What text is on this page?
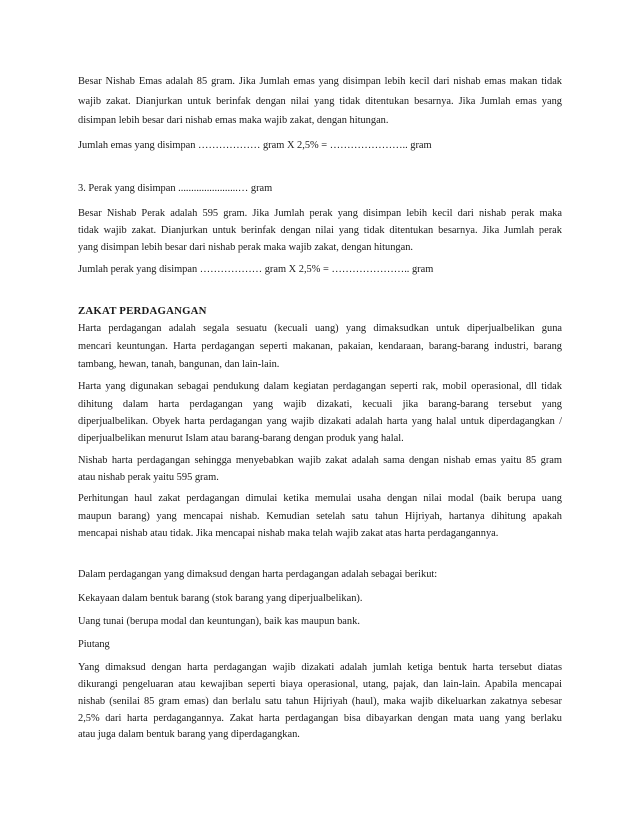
Besar Nishab Emas adalah 85 gram. Jika Jumlah emas yang disimpan lebih kecil dari nishab emas makan tidak
wajib zakat. Dianjurkan untuk berinfak dengan nilai yang tidak ditentukan besarnya. Jika Jumlah emas yang
disimpan lebih besar dari nishab emas maka wajib zakat, dengan hitungan.
Jumlah emas yang disimpan ……………… gram X 2,5% = ………………….. gram
3. Perak yang disimpan .......................… gram
Besar Nishab Perak adalah 595 gram. Jika Jumlah perak yang disimpan lebih kecil dari nishab perak maka
tidak wajib zakat. Dianjurkan untuk berinfak dengan nilai yang tidak ditentukan besarnya. Jika Jumlah perak
yang disimpan lebih besar dari nishab perak maka wajib zakat, dengan hitungan.
Jumlah perak yang disimpan ……………… gram X 2,5% = ………………….. gram
ZAKAT PERDAGANGAN
Harta perdagangan adalah segala sesuatu (kecuali uang) yang dimaksudkan untuk diperjualbelikan guna
mencari keuntungan. Harta perdagangan seperti makanan, pakaian, kendaraan, barang-barang industri, barang
tambang, hewan, tanah, bangunan, dan lain-lain.
Harta yang digunakan sebagai pendukung dalam kegiatan perdagangan seperti rak, mobil operasional, dll tidak
dihitung dalam harta perdagangan yang wajib dizakati, kecuali jika barang-barang tersebut yang
diperjualbelikan. Obyek harta perdagangan yang wajib dizakati adalah harta yang halal untuk diperdagangkan /
diperjualbelikan menurut Islam atau barang-barang dengan produk yang halal.
Nishab harta perdagangan sehingga menyebabkan wajib zakat adalah sama dengan nishab emas yaitu 85 gram
atau nishab perak yaitu 595 gram.
Perhitungan haul zakat perdagangan dimulai ketika memulai usaha dengan nilai modal (baik berupa uang
maupun barang) yang mencapai nishab. Kemudian setelah satu tahun Hijriyah, hartanya dihitung apakah
mencapai nishab atau tidak. Jika mencapai nishab maka telah wajib zakat atas harta perdagangannya.
Dalam perdagangan yang dimaksud dengan harta perdagangan adalah sebagai berikut:
Kekayaan dalam bentuk barang (stok barang yang diperjualbelikan).
Uang tunai (berupa modal dan keuntungan), baik kas maupun bank.
Piutang
Yang dimaksud dengan harta perdagangan wajib dizakati adalah jumlah ketiga bentuk harta tersebut diatas
dikurangi pengeluaran atau kewajiban seperti biaya operasional, utang, pajak, dan lain-lain. Apabila mencapai
nishab (senilai 85 gram emas) dan berlalu satu tahun Hijriyah (haul), maka wajib dikeluarkan zakatnya sebesar
2,5% dari harta perdagangannya. Zakat harta perdagangan bisa dibayarkan dengan mata uang yang berlaku
atau juga dalam bentuk barang yang diperdagangkan.
